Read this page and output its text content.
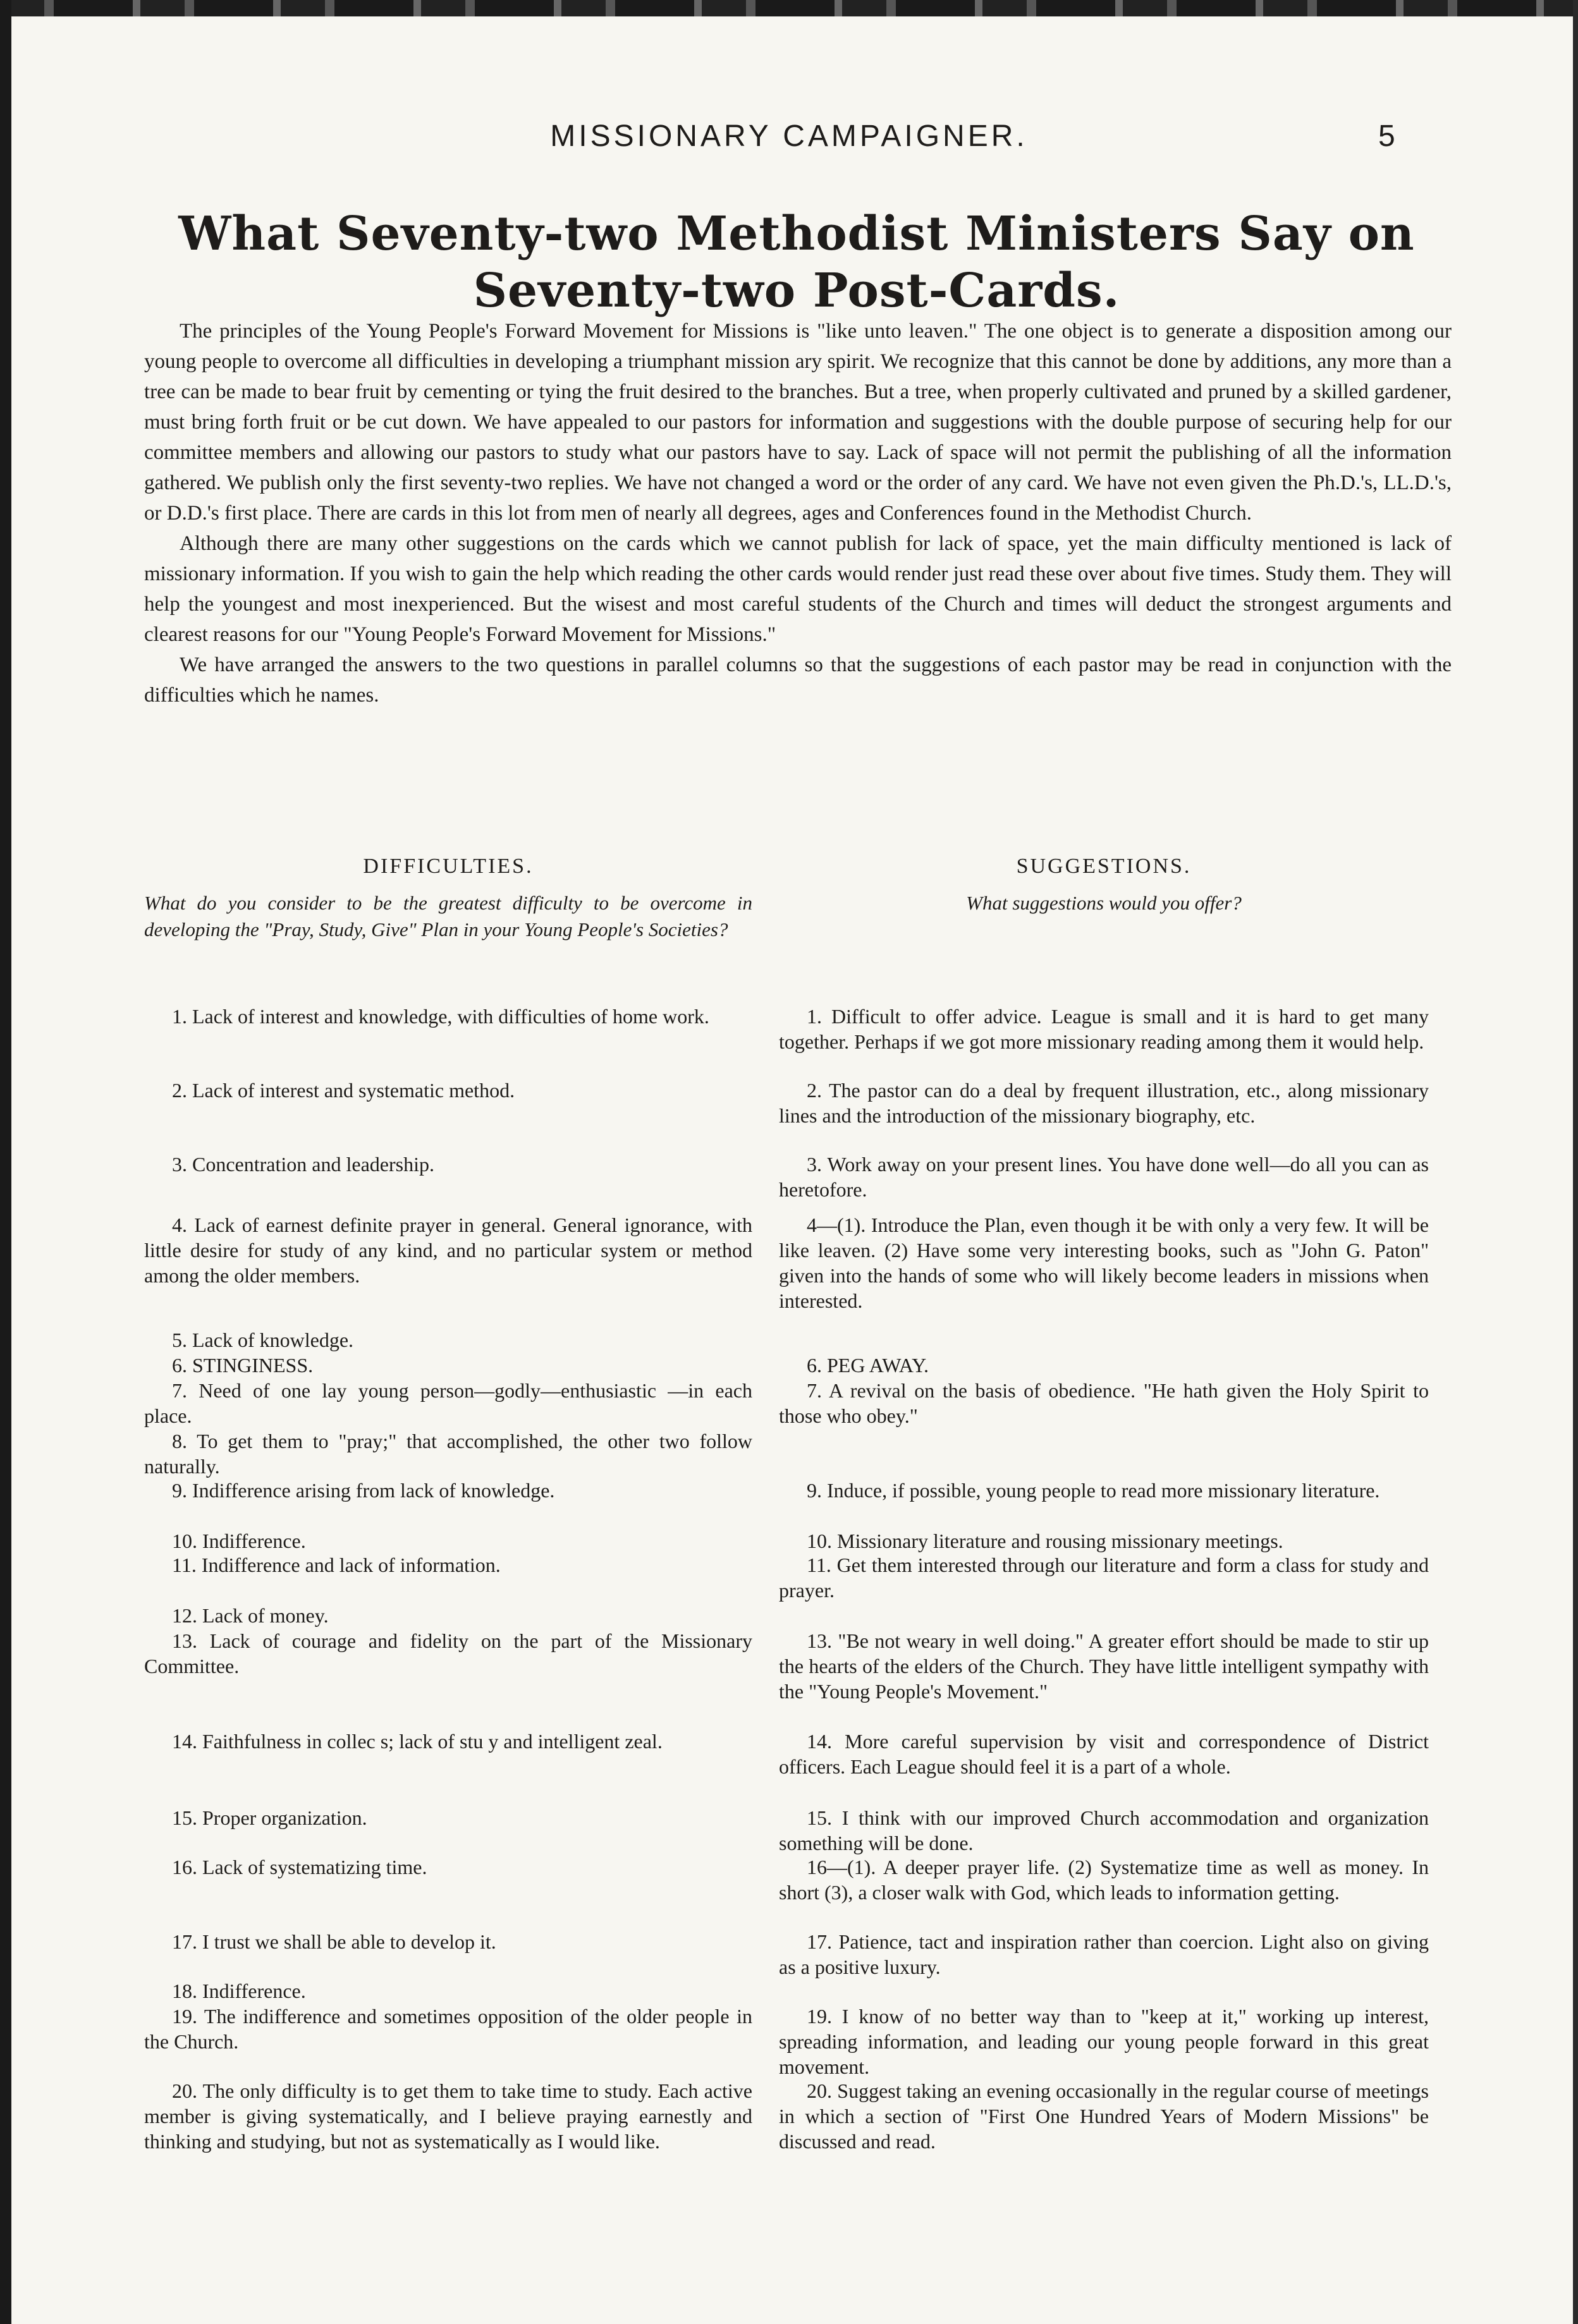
MISSIONARY CAMPAIGNER.	5
What Seventy-two Methodist Ministers Say on Seventy-two Post-Cards.

The principles of the Young People's Forward Movement for Missions is "like unto leaven." The one object is to generate a disposition among our young people to overcome all difficulties in developing a triumphant mission ary spirit. We recognize that this cannot be done by additions, any more than a tree can be made to bear fruit by cementing or tying the fruit desired to the branches. But a tree, when properly cultivated and pruned by a skilled gardener, must bring forth fruit or be cut down. We have appealed to our pastors for information and suggestions with the double purpose of securing help for our committee members and allowing our pastors to study what our pastors have to say. Lack of space will not permit the publishing of all the information gathered. We publish only the first seventy-two replies. We have not changed a word or the order of any card. We have not even given the Ph.D.'s, LL.D.'s, or D.D.'s first place. There are cards in this lot from men of nearly all degrees, ages and Conferences found in the Methodist Church.

Although there are many other suggestions on the cards which we cannot publish for lack of space, yet the main difficulty mentioned is lack of missionary information. If you wish to gain the help which reading the other cards would render just read these over about five times. Study them. They will help the youngest and most inexperienced. But the wisest and most careful students of the Church and times will deduct the strongest arguments and clearest reasons for our "Young People's Forward Movement for Missions."

We have arranged the answers to the two questions in parallel columns so that the suggestions of each pastor may be read in conjunction with the difficulties which he names.

DIFFICULTIES.	SUGGESTIONS.
What do you consider to be the greatest difficulty to be overcome in developing the "Pray, Study, Give" Plan in your Young People's Societies?
What suggestions would you offer?
1. Lack of interest and knowledge, with difficulties of home work.
2. Lack of interest and systematic method.
3. Concentration and leadership.
4. Lack of earnest definite prayer in general. General ignorance, with little desire for study of any kind, and no particular system or method among the older members.
5. Lack of knowledge.
6. STINGINESS.
7. Need of one lay young person—godly—enthusiastic —in each place.
8. To get them to "pray;" that accomplished, the other two follow naturally.
9. Indifference arising from lack of knowledge.
10. Indifference.
11. Indifference and lack of information.
12. Lack of money.
13. Lack of courage and fidelity on the part of the Missionary Committee.
14. Faithfulness in collec s; lack of stu y and intelligent zeal.
15. Proper organization.
16. Lack of systematizing time.
17. I trust we shall be able to develop it.
18. Indifference.
19. The indifference and sometimes opposition of the older people in the Church.
20. The only difficulty is to get them to take time to study. Each active member is giving systematically, and I believe praying earnestly and thinking and studying, but not as systematically as I would like.
1. Difficult to offer advice. League is small and it is hard to get many together. Perhaps if we got more missionary reading among them it would help.
2. The pastor can do a deal by frequent illustration, etc., along missionary lines and the introduction of the missionary biography, etc.
3. Work away on your present lines. You have done well—do all you can as heretofore.
4—(1). Introduce the Plan, even though it be with only a very few. It will be like leaven. (2) Have some very interesting books, such as "John G. Paton" given into the hands of some who will likely become leaders in missions when interested.
6. PEG AWAY.
7. A revival on the basis of obedience. "He hath given the Holy Spirit to those who obey."
9. Induce, if possible, young people to read more missionary literature.
10. Missionary literature and rousing missionary meetings.
11. Get them interested through our literature and form a class for study and prayer.
13. "Be not weary in well doing." A greater effort should be made to stir up the hearts of the elders of the Church. They have little intelligent sympathy with the "Young People's Movement."
14. More careful supervision by visit and correspondence of District officers. Each League should feel it is a part of a whole.
15. I think with our improved Church accommodation and organization something will be done.
16—(1). A deeper prayer life. (2) Systematize time as well as money. In short (3), a closer walk with God, which leads to information getting.
17. Patience, tact and inspiration rather than coercion. Light also on giving as a positive luxury.
19. I know of no better way than to "keep at it," working up interest, spreading information, and leading our young people forward in this great movement.
20. Suggest taking an evening occasionally in the regular course of meetings in which a section of "First One Hundred Years of Modern Missions" be discussed and read.
